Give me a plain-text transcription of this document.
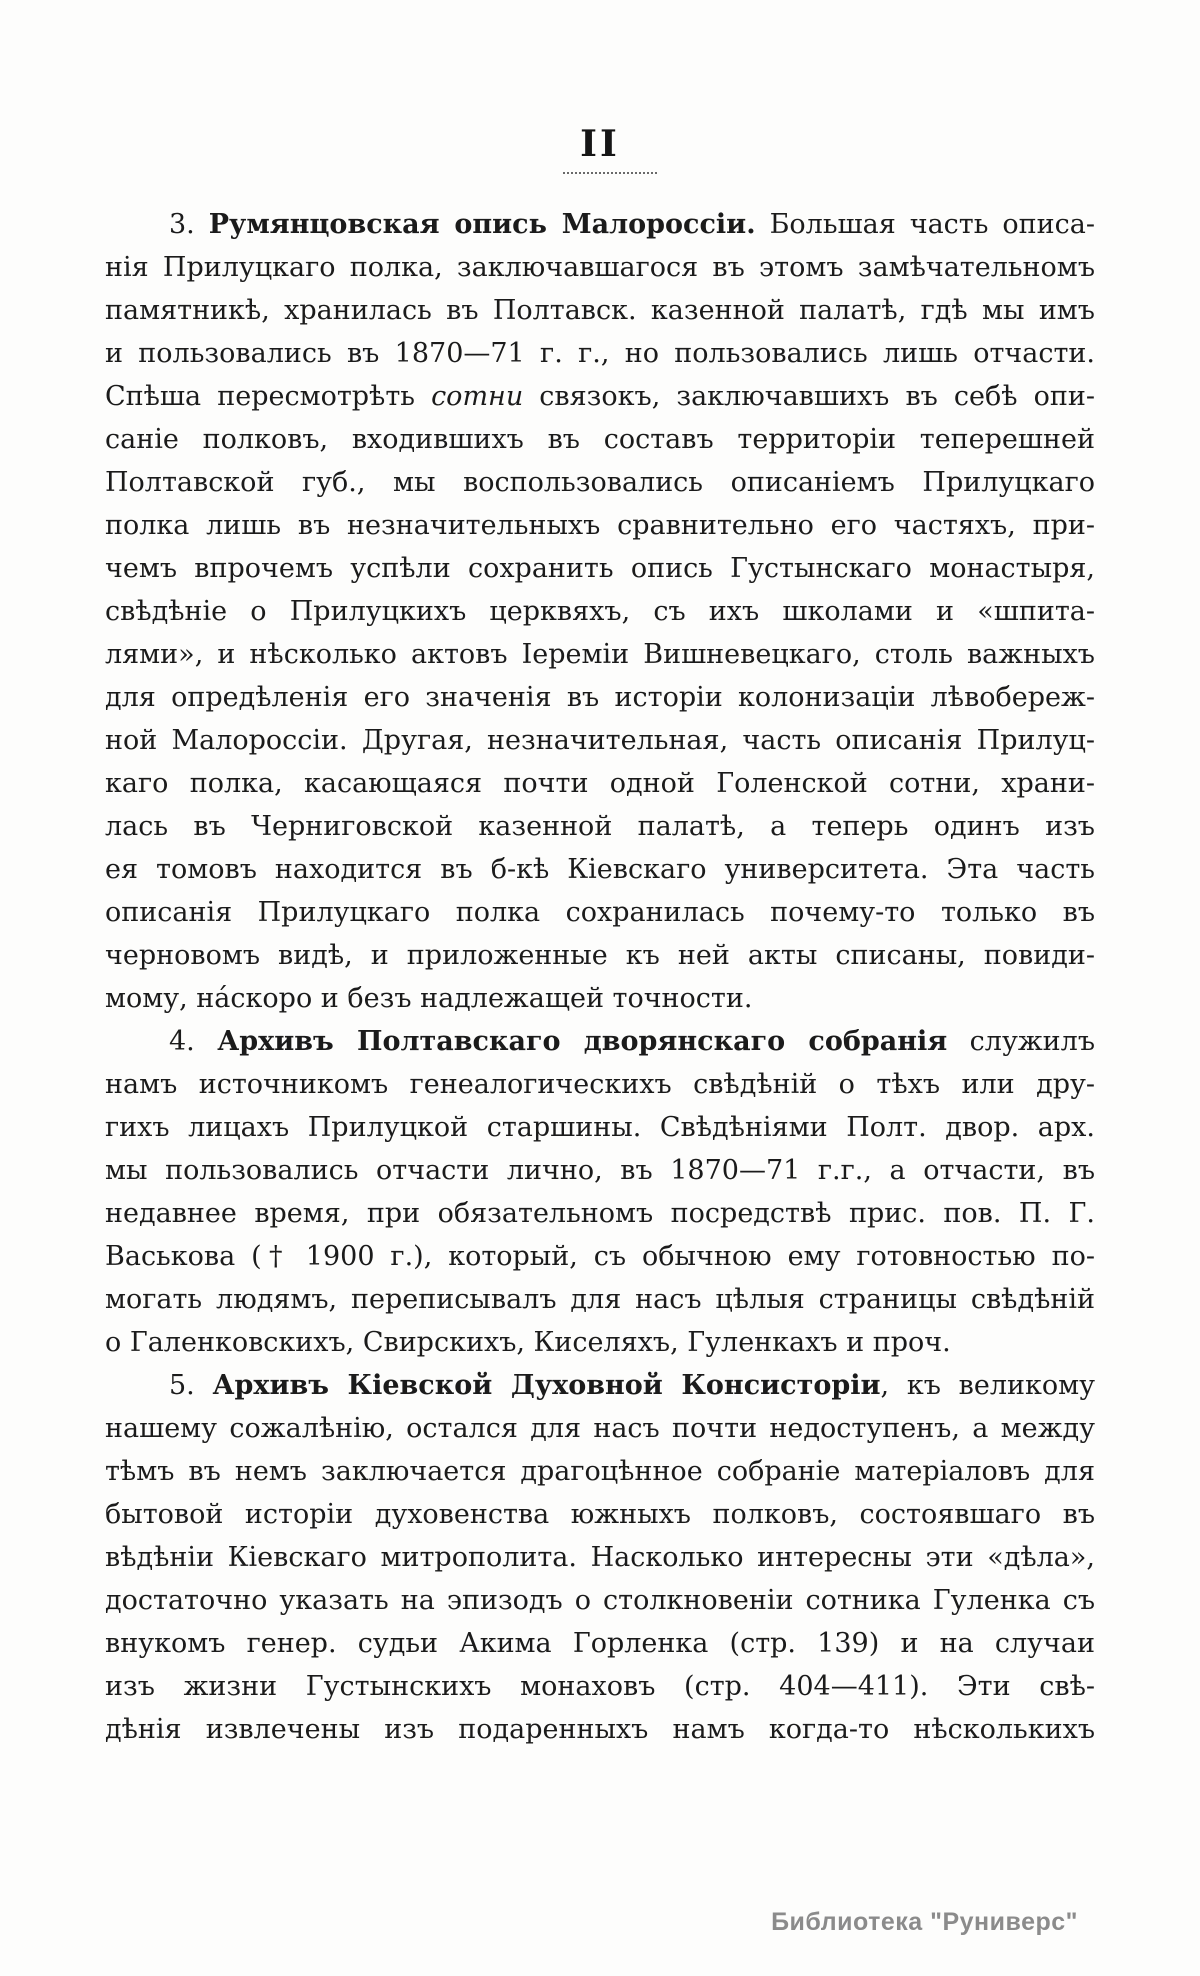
II
3. Румянцовская опись Малороссіи. Большая часть описа-
нія Прилуцкаго полка, заключавшагося въ этомъ замѣчательномъ
памятникѣ, хранилась въ Полтавск. казенной палатѣ, гдѣ мы имъ
и пользовались въ 1870—71 г. г., но пользовались лишь отчасти.
Спѣша пересмотрѣть сотни связокъ, заключавшихъ въ себѣ опи-
саніе полковъ, входившихъ въ составъ территоріи теперешней
Полтавской губ., мы воспользовались описаніемъ Прилуцкаго
полка лишь въ незначительныхъ сравнительно его частяхъ, при-
чемъ впрочемъ успѣли сохранить опись Густынскаго монастыря,
свѣдѣніе о Прилуцкихъ церквяхъ, съ ихъ школами и «шпита-
лями», и нѣсколько актовъ Іереміи Вишневецкаго, столь важныхъ
для опредѣленія его значенія въ исторіи колонизаціи лѣвобереж-
ной Малороссіи. Другая, незначительная, часть описанія Прилуц-
каго полка, касающаяся почти одной Голенской сотни, храни-
лась въ Черниговской казенной палатѣ, а теперь одинъ изъ
ея томовъ находится въ б-кѣ Кіевскаго университета. Эта часть
описанія Прилуцкаго полка сохранилась почему-то только въ
черновомъ видѣ, и приложенные къ ней акты списаны, повиди-
мому, на́скоро и безъ надлежащей точности.
4. Архивъ Полтавскаго дворянскаго собранія служилъ
намъ источникомъ генеалогическихъ свѣдѣній о тѣхъ или дру-
гихъ лицахъ Прилуцкой старшины. Свѣдѣніями Полт. двор. арх.
мы пользовались отчасти лично, въ 1870—71 г.г., а отчасти, въ
недавнее время, при обязательномъ посредствѣ прис. пов. П. Г.
Васькова († 1900 г.), который, съ обычною ему готовностью по-
могать людямъ, переписывалъ для насъ цѣлыя страницы свѣдѣній
о Галенковскихъ, Свирскихъ, Киселяхъ, Гуленкахъ и проч.
5. Архивъ Кіевской Духовной Консисторіи, къ великому
нашему сожалѣнію, остался для насъ почти недоступенъ, а между
тѣмъ въ немъ заключается драгоцѣнное собраніе матеріаловъ для
бытовой исторіи духовенства южныхъ полковъ, состоявшаго въ
вѣдѣніи Кіевскаго митрополита. Насколько интересны эти «дѣла»,
достаточно указать на эпизодъ о столкновеніи сотника Гуленка съ
внукомъ генер. судьи Акима Горленка (стр. 139) и на случаи
изъ жизни Густынскихъ монаховъ (стр. 404—411). Эти свѣ-
дѣнія извлечены изъ подаренныхъ намъ когда-то нѣсколькихъ
Библиотека "Руниверс"
